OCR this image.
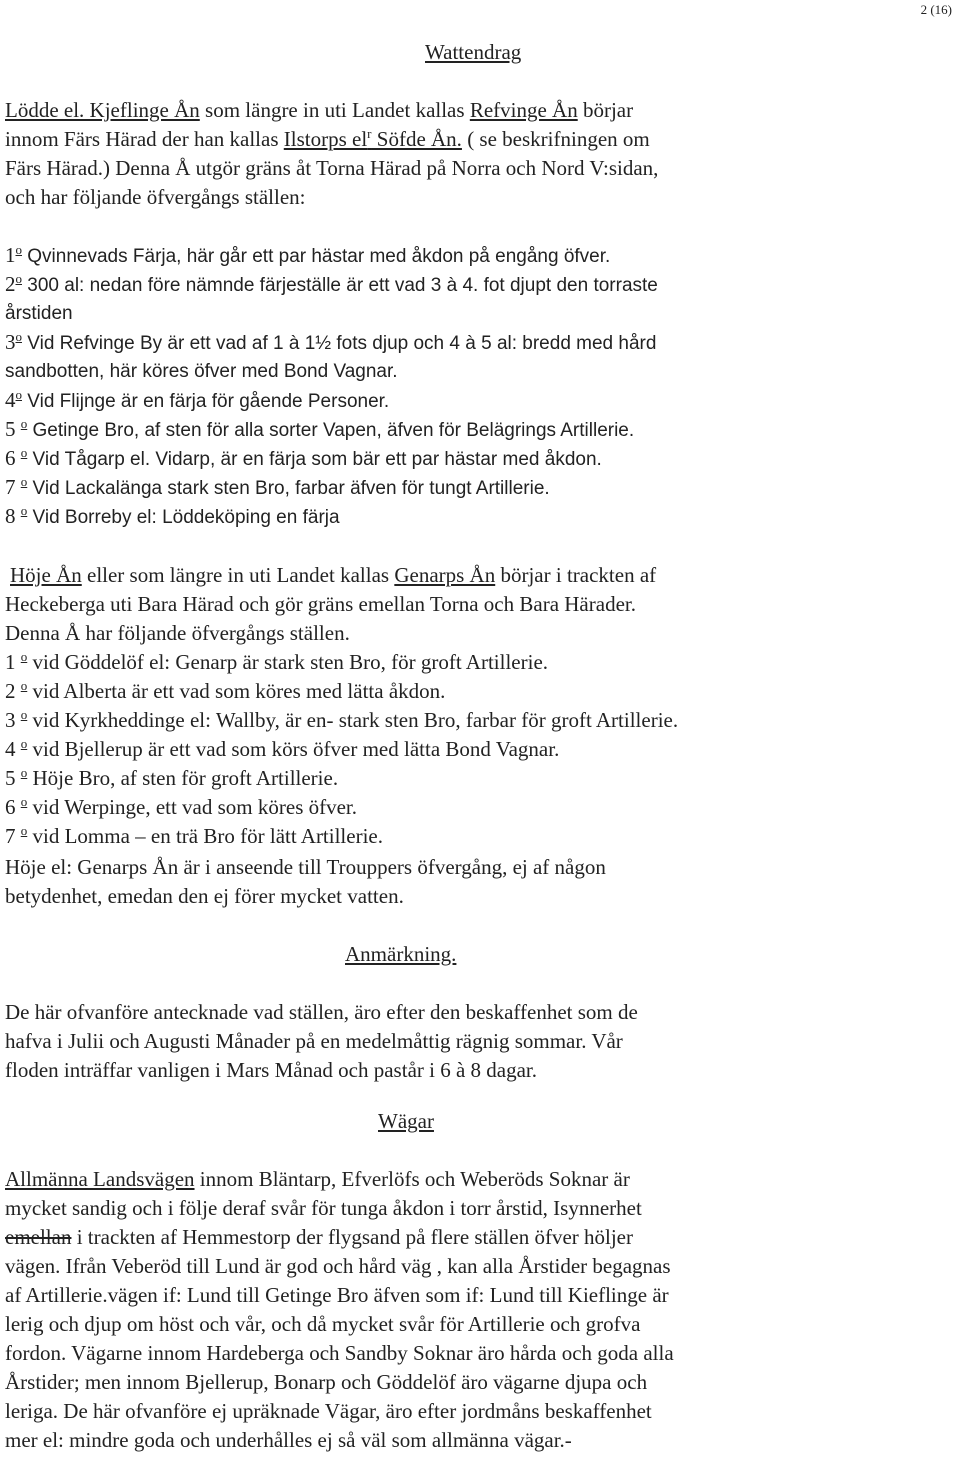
2 (16)
Wattendrag
Lödde el. Kjeflinge Ån som längre in uti Landet kallas Refvinge Ån börjar
innom Färs Härad der han kallas Ilstorps $el^r$ Söfde Ån. ( se beskrifningen om
Färs Härad.) Denna Å utgör gräns åt Torna Härad på Norra och Nord V:sidan,
och har följande öfvergångs ställen:
1$^o$ Qvinnevads Färja, här går ett par hästar med åkdon på engång öfver.
2$^o$ 300 al: nedan före nämnde färjeställe är ett vad 3 à 4. fot djupt den torraste
årstiden
3$^o$ Vid Refvinge By är ett vad af 1 à 1½ fots djup och 4 à 5 al: bredd med hård
sandbotten, här köres öfver med Bond Vagnar.
4$^o$ Vid Flijnge är en färja för gående Personer.
5 $^o$ Getinge Bro, af sten för alla sorter Vapen, äfven för Belägrings Artillerie.
6 $^o$ Vid Tågarp el. Vidarp, är en färja som bär ett par hästar med åkdon.
7 $^o$ Vid Lackalänga stark sten Bro, farbar äfven för tungt Artillerie.
8 $^o$ Vid Borreby el: Löddeköping en färja
Höje Ån eller som längre in uti Landet kallas Genarps Ån börjar i trackten af
Heckeberga uti Bara Härad och gör gräns emellan Torna och Bara Härader.
Denna Å har följande öfvergångs ställen.
1 $^o$ vid Göddelöf el: Genarp är stark sten Bro, för groft Artillerie.
2 $^o$ vid Alberta är ett vad som köres med lätta åkdon.
3 $^o$ vid Kyrkheddinge el: Wallby, är en- stark sten Bro, farbar för groft Artillerie.
4 $^o$ vid Bjellerup är ett vad som körs öfver med lätta Bond Vagnar.
5 $^o$ Höje Bro, af sten för groft Artillerie.
6 $^o$ vid Werpinge, ett vad som köres öfver.
7 $^o$ vid Lomma – en trä Bro för lätt Artillerie.
Höje el: Genarps Ån är i anseende till Trouppers öfvergång, ej af någon
betydenhet, emedan den ej förer mycket vatten.
Anmärkning.
De här ofvanföre antecknade vad ställen, äro efter den beskaffenhet som de
hafva i Julii och Augusti Månader på en medelmåttig rägnig sommar. Vår
floden inträffar vanligen i Mars Månad och pastår i 6 à 8 dagar.
Wägar
Allmänna Landsvägen innom Bläntarp, Efverlöfs och Weberöds Soknar är
mycket sandig och i följe deraf svår för tunga åkdon i torr årstid, Isynnerhet
emellan i trackten af Hemmestorp der flygsand på flere ställen öfver höljer
vägen. Ifrån Veberöd till Lund är god och hård väg , kan alla Årstider begagnas
af Artillerie.vägen if: Lund till Getinge Bro äfven som if: Lund till Kieflinge är
lerig och djup om höst och vår, och då mycket svår för Artillerie och grofva
fordon. Vägarne innom Hardeberga och Sandby Soknar äro hårda och goda alla
Årstider; men innom Bjellerup, Bonarp och Göddelöf äro vägarne djupa och
leriga. De här ofvanföre ej upräknade Vägar, äro efter jordmåns beskaffenhet
mer el: mindre goda och underhålles ej så väl som allmänna vägar.-
